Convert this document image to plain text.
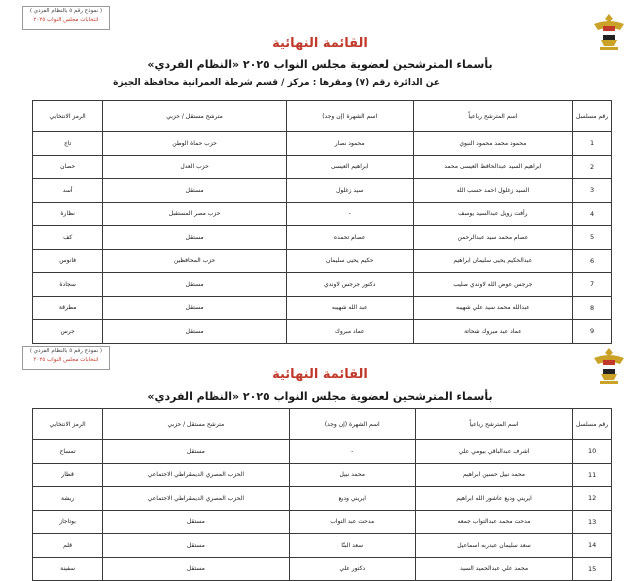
( نموذج رقم ٥ بالنظام الفردي )
انتخابات مجلس النواب ٢٠٢٥
القائمة النهائية
بأسماء المترشحين لعضوية مجلس النواب ٢٠٢٥ «النظام الفردي»
عن الدائرة رقم (٧) ومقرها : مركز / قسم شرطة العمرانية محافظة الجيزة
رقم مسلسل	اسم المترشح رباعياً	اسم الشهرة (إن وجد)	مترشح مستقل / حزبي	الرمز الانتخابي
1	محمود محمد محمود النبوي	محمود نصار	حزب حماة الوطن	تاج
2	ابراهيم السيد عبدالحافظ العيسى محمد	ابراهيم العيسى	حزب العدل	حصان
3	السيد زغلول احمد حسب الله	سيد زغلول	مستقل	أسد
4	رأفت رويل عبدالسيد يوسف	-	حزب مصر المستقبل	نظارة
5	عصام محمد سيد عبدالرحمن	عصام تحمده	مستقل	كف
6	عبدالحكيم يحيى سليمان ابراهيم	حكيم يحيى سليمان	حزب المحافظين	فانوس
7	جرجس عوض الله لاوندي صليب	دكتور جرجس لاوندي	مستقل	سجادة
8	عبدالله محمد سيد علي شهيبه	عبد الله شهيبه	مستقل	مطرقة
9	عماد عيد مبروك شحاتة	عماد مبروك	مستقل	جرس
( نموذج رقم ٥ بالنظام الفردي )
انتخابات مجلس النواب ٢٠٢٥
القائمة النهائية
بأسماء المترشحين لعضوية مجلس النواب ٢٠٢٥ «النظام الفردي»
رقم مسلسل	اسم المترشح رباعياً	اسم الشهرة (إن وجد)	مترشح مستقل / حزبي	الرمز الانتخابي
10	اشرف عبدالباقي بيومي علي	-	مستقل	تمساح
11	محمد نبيل حسين ابراهيم	محمد نبيل	الحزب المصري الديمقراطي الاجتماعي	قطار
12	ايريني وديع عاشور الله ابراهيم	ايريني وديع	الحزب المصري الديمقراطي الاجتماعي	ريشة
13	مدحت محمد عبدالتواب جمعه	مدحت عبد التواب	مستقل	بوتاجاز
14	سعد سليمان عبدربه اسماعيل	سعد البنّا	مستقل	قلم
15	محمد علي عبدالحميد السيد	دكتور علي	مستقل	سفينة
